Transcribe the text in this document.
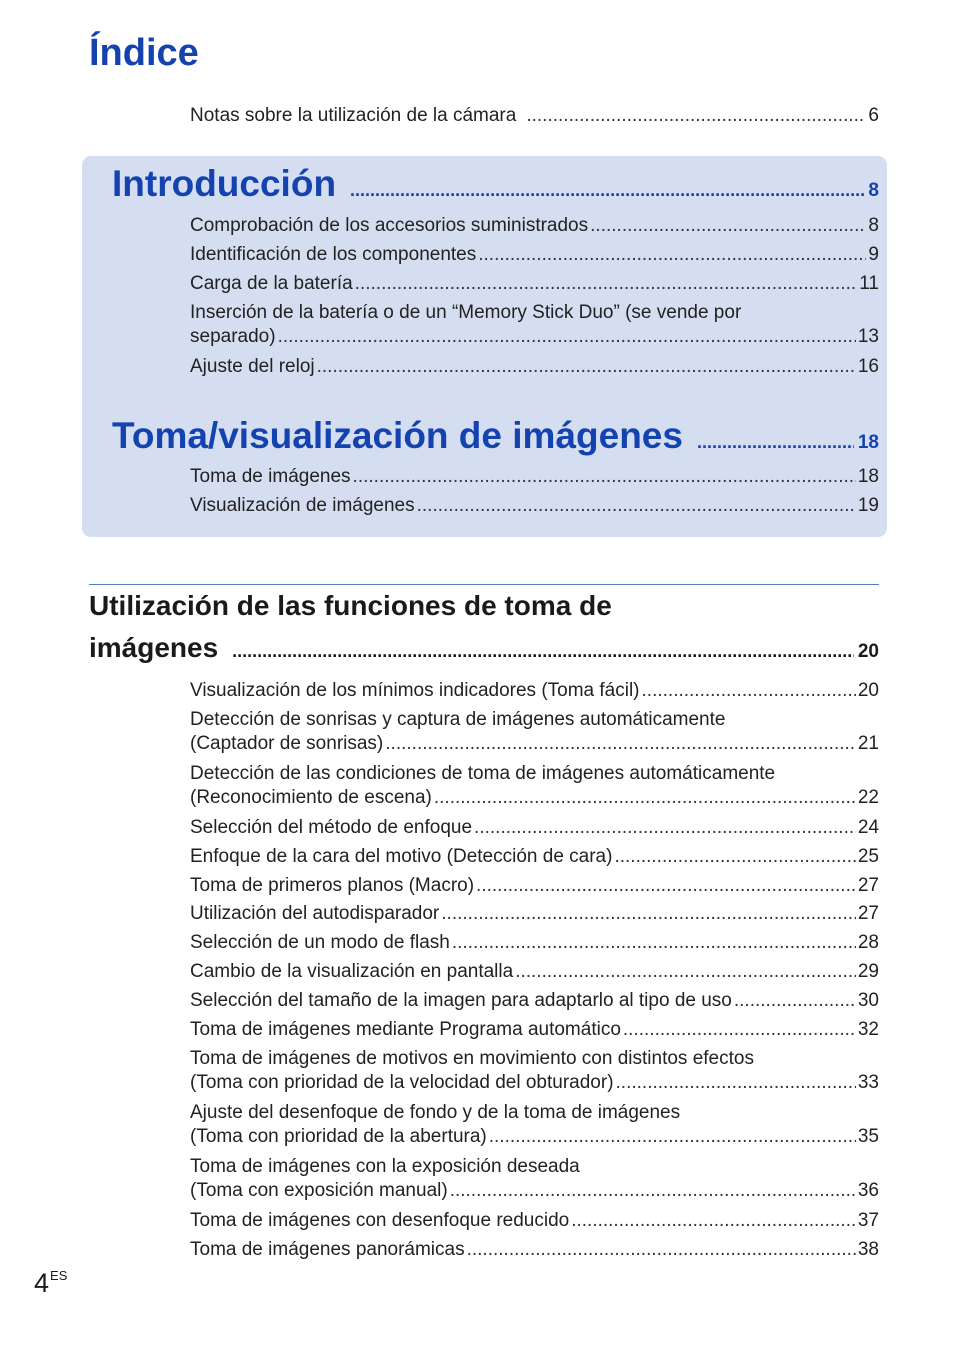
Índice
Notas sobre la utilización de la cámara .....	6
Introducción .....	8
Comprobación de los accesorios suministrados .....	8
Identificación de los componentes .....	9
Carga de la batería .....	11
Inserción de la batería o de un “Memory Stick Duo” (se vende por
separado) .....	13
Ajuste del reloj .....	16
Toma/visualización de imágenes .....	18
Toma de imágenes .....	18
Visualización de imágenes .....	19
Utilización de las funciones de toma de
imágenes .....	20
Visualización de los mínimos indicadores (Toma fácil) .....	20
Detección de sonrisas y captura de imágenes automáticamente
(Captador de sonrisas) .....	21
Detección de las condiciones de toma de imágenes automáticamente
(Reconocimiento de escena) .....	22
Selección del método de enfoque .....	24
Enfoque de la cara del motivo (Detección de cara) .....	25
Toma de primeros planos (Macro) .....	27
Utilización del autodisparador .....	27
Selección de un modo de flash .....	28
Cambio de la visualización en pantalla .....	29
Selección del tamaño de la imagen para adaptarlo al tipo de uso .....	30
Toma de imágenes mediante Programa automático .....	32
Toma de imágenes de motivos en movimiento con distintos efectos
(Toma con prioridad de la velocidad del obturador) .....	33
Ajuste del desenfoque de fondo y de la toma de imágenes
(Toma con prioridad de la abertura) .....	35
Toma de imágenes con la exposición deseada
(Toma con exposición manual) .....	36
Toma de imágenes con desenfoque reducido .....	37
Toma de imágenes panorámicas .....	38
$4^{ES}$
